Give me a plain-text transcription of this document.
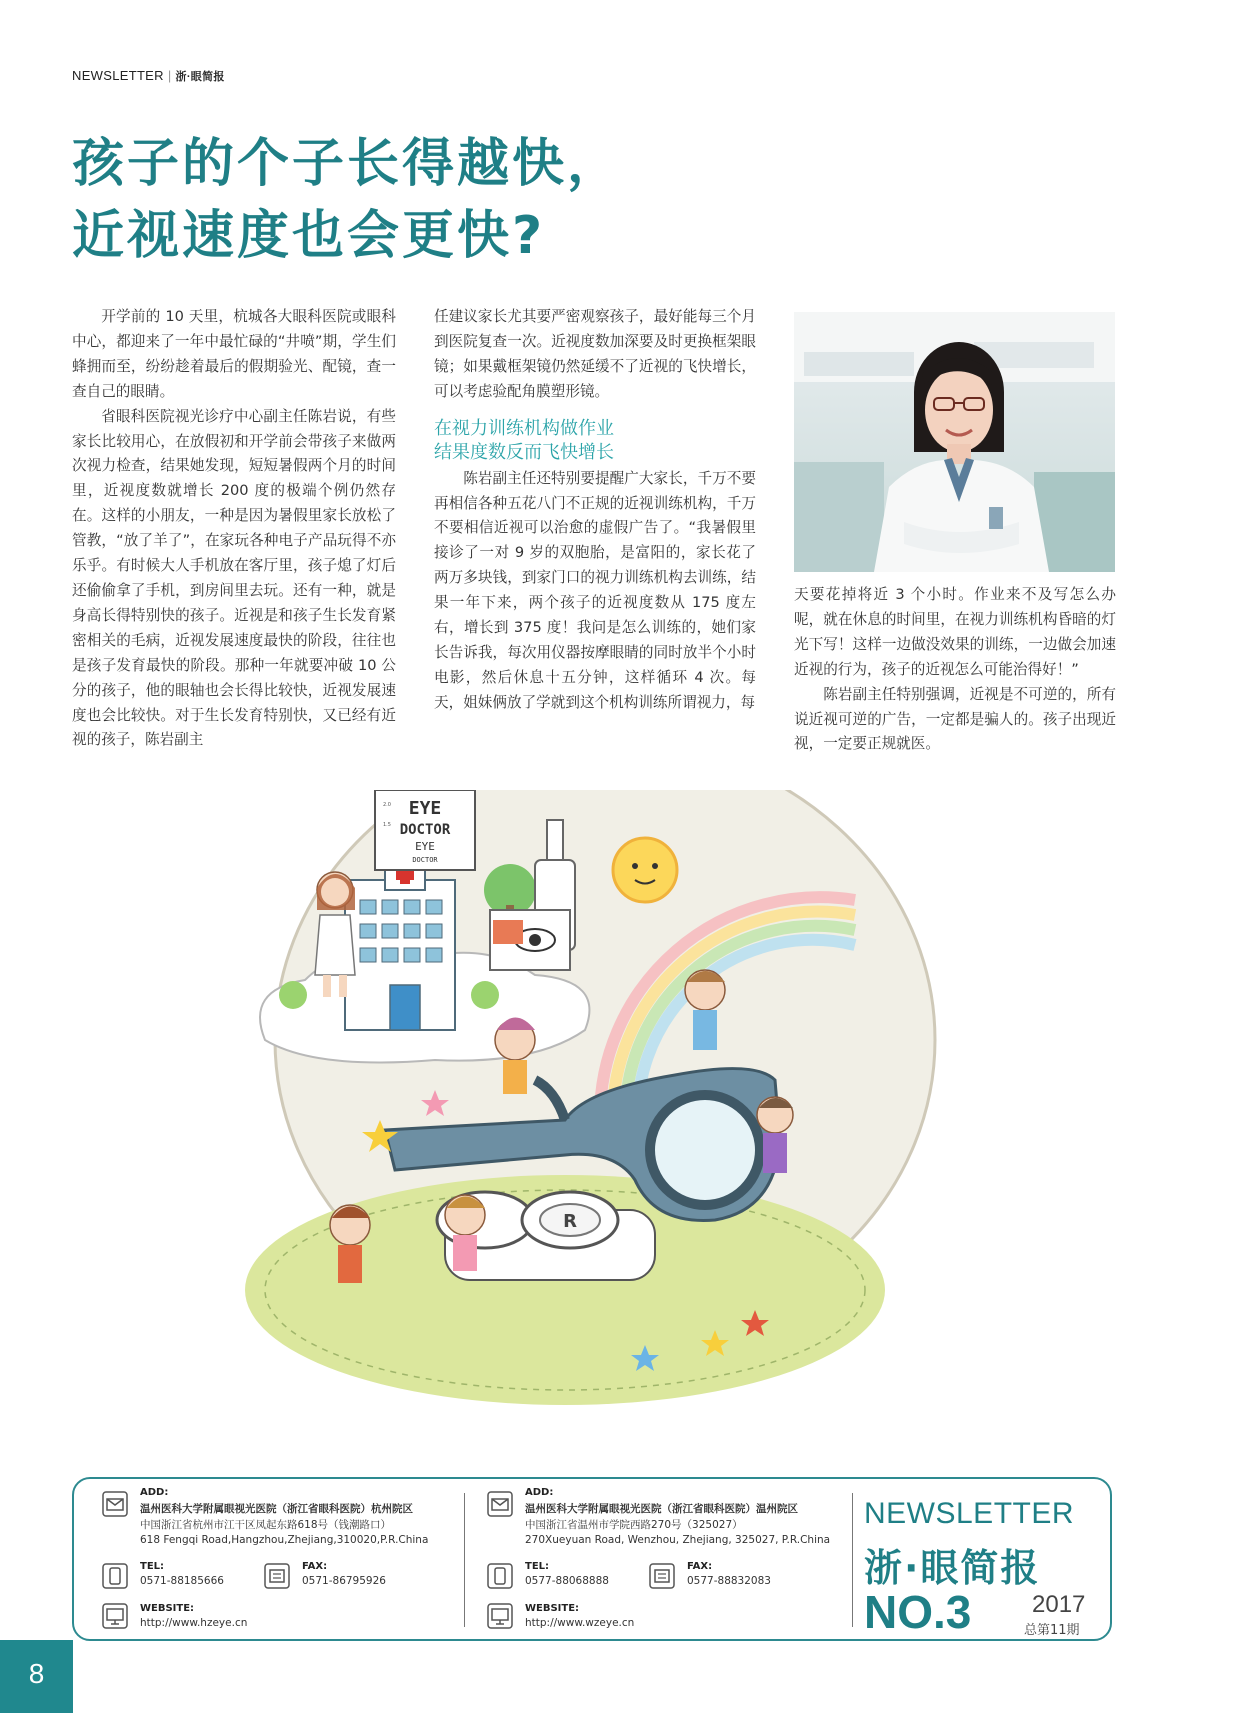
NEWSLETTER | 浙·眼简报
孩子的个子长得越快，
近视速度也会更快?

开学前的 10 天里，杭城各大眼科医院或眼科中心，都迎来了一年中最忙碌的“井喷”期，学生们蜂拥而至，纷纷趁着最后的假期验光、配镜，查一查自己的眼睛。

省眼科医院视光诊疗中心副主任陈岩说，有些家长比较用心，在放假初和开学前会带孩子来做两次视力检查，结果她发现，短短暑假两个月的时间里，近视度数就增长 200 度的极端个例仍然存在。这样的小朋友，一种是因为暑假里家长放松了管教，“放了羊了”，在家玩各种电子产品玩得不亦乐乎。有时候大人手机放在客厅里，孩子熄了灯后还偷偷拿了手机，到房间里去玩。还有一种，就是身高长得特别快的孩子。近视是和孩子生长发育紧密相关的毛病，近视发展速度最快的阶段，往往也是孩子发育最快的阶段。那种一年就要冲破 10 公分的孩子，他的眼轴也会长得比较快，近视发展速度也会比较快。对于生长发育特别快，又已经有近视的孩子，陈岩副主

任建议家长尤其要严密观察孩子，最好能每三个月到医院复查一次。近视度数加深要及时更换框架眼镜；如果戴框架镜仍然延缓不了近视的飞快增长，可以考虑验配角膜塑形镜。

在视力训练机构做作业
结果度数反而飞快增长

陈岩副主任还特别要提醒广大家长，千万不要再相信各种五花八门不正规的近视训练机构，千万不要相信近视可以治愈的虚假广告了。“我暑假里接诊了一对 9 岁的双胞胎，是富阳的，家长花了两万多块钱，到家门口的视力训练机构去训练，结果一年下来，两个孩子的近视度数从 175 度左右，增长到 375 度！我问是怎么训练的，她们家长告诉我，每次用仪器按摩眼睛的同时放半个小时电影，然后休息十五分钟，这样循环 4 次。每天，姐妹俩放了学就到这个机构训练所谓视力，每

天要花掉将近 3 个小时。作业来不及写怎么办呢，就在休息的时间里，在视力训练机构昏暗的灯光下写！这样一边做没效果的训练，一边做会加速近视的行为，孩子的近视怎么可能治得好！”

陈岩副主任特别强调，近视是不可逆的，所有说近视可逆的广告，一定都是骗人的。孩子出现近视，一定要正规就医。

EYE
DOCTOR
EYE
DOCTOR
2.0
1.5
R
ADD:
温州医科大学附属眼视光医院（浙江省眼科医院）杭州院区
中国浙江省杭州市江干区凤起东路618号（钱潮路口）
618 Fengqi Road,Hangzhou,Zhejiang,310020,P.R.China
TEL:
0571-88185666
FAX:
0571-86795926
WEBSITE:
http://www.hzeye.cn
ADD:
温州医科大学附属眼视光医院（浙江省眼科医院）温州院区
中国浙江省温州市学院西路270号（325027）
270Xueyuan Road, Wenzhou, Zhejiang, 325027, P.R.China
TEL:
0577-88068888
FAX:
0577-88832083
WEBSITE:
http://www.wzeye.cn
NEWSLETTER
浙·眼简报
NO.3	2017
总第11期
8
